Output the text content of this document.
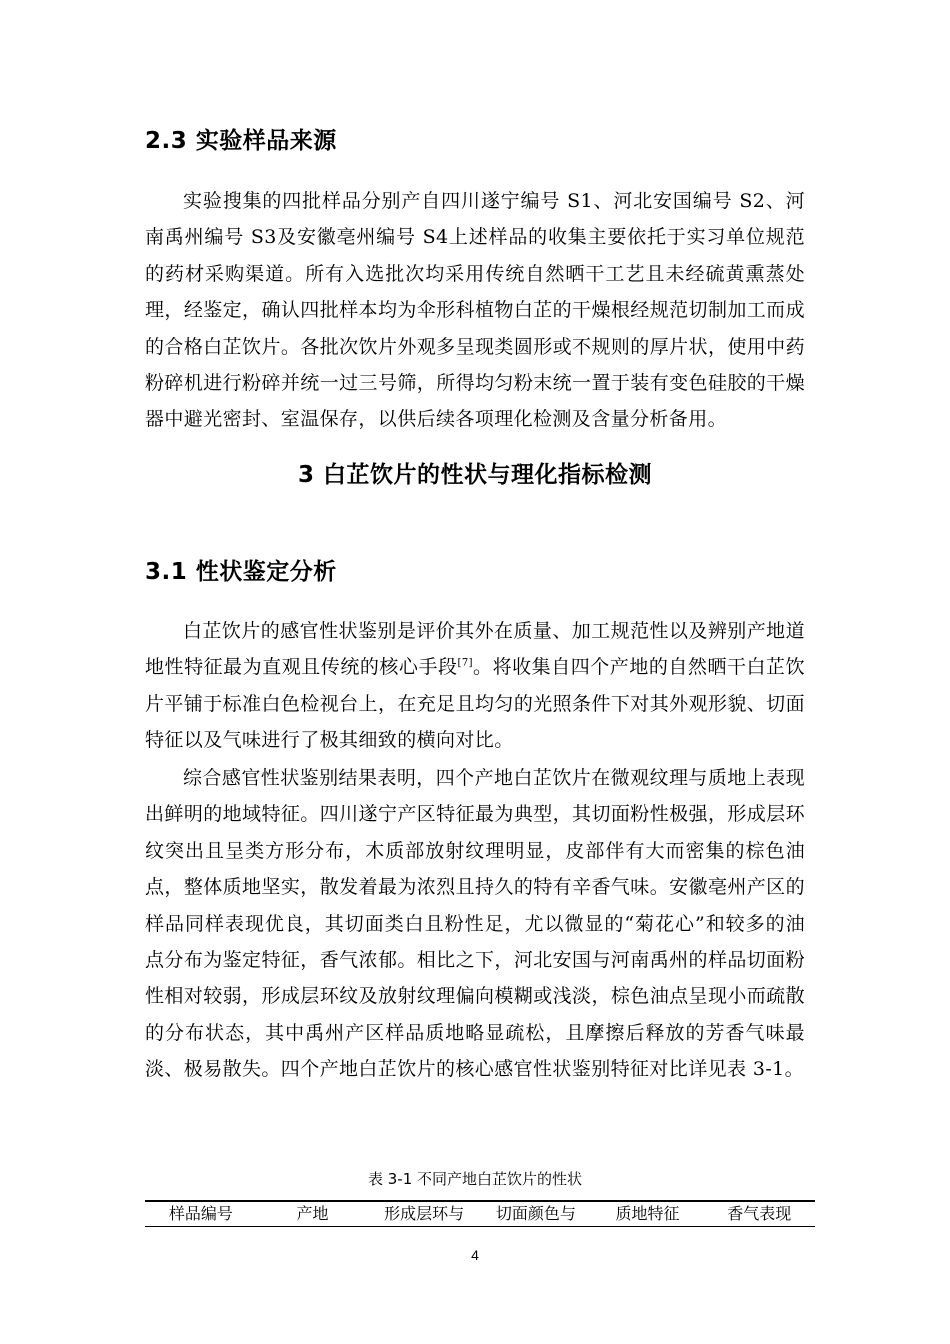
2.3 实验样品来源

实验搜集的四批样品分别产自四川遂宁编号 S1、河北安国编号 S2、河南禹州编号 S3及安徽亳州编号 S4上述样品的收集主要依托于实习单位规范的药材采购渠道。所有入选批次均采用传统自然晒干工艺且未经硫黄熏蒸处理，经鉴定，确认四批样本均为伞形科植物白芷的干燥根经规范切制加工而成的合格白芷饮片。各批次饮片外观多呈现类圆形或不规则的厚片状，使用中药粉碎机进行粉碎并统一过三号筛，所得均匀粉末统一置于装有变色硅胶的干燥器中避光密封、室温保存，以供后续各项理化检测及含量分析备用。

3 白芷饮片的性状与理化指标检测
3.1 性状鉴定分析

白芷饮片的感官性状鉴别是评价其外在质量、加工规范性以及辨别产地道地性特征最为直观且传统的核心手段[7]。将收集自四个产地的自然晒干白芷饮片平铺于标准白色检视台上，在充足且均匀的光照条件下对其外观形貌、切面特征以及气味进行了极其细致的横向对比。

综合感官性状鉴别结果表明，四个产地白芷饮片在微观纹理与质地上表现出鲜明的地域特征。四川遂宁产区特征最为典型，其切面粉性极强，形成层环纹突出且呈类方形分布，木质部放射纹理明显，皮部伴有大而密集的棕色油点，整体质地坚实，散发着最为浓烈且持久的特有辛香气味。安徽亳州产区的样品同样表现优良，其切面类白且粉性足，尤以微显的“菊花心”和较多的油点分布为鉴定特征，香气浓郁。相比之下，河北安国与河南禹州的样品切面粉性相对较弱，形成层环纹及放射纹理偏向模糊或浅淡，棕色油点呈现小而疏散的分布状态，其中禹州产区样品质地略显疏松，且摩擦后释放的芳香气味最淡、极易散失。四个产地白芷饮片的核心感官性状鉴别特征对比详见表 3-1。

表 3-1 不同产地白芷饮片的性状

样品编号	产地	形成层环与	切面颜色与	质地特征	香气表现

4
